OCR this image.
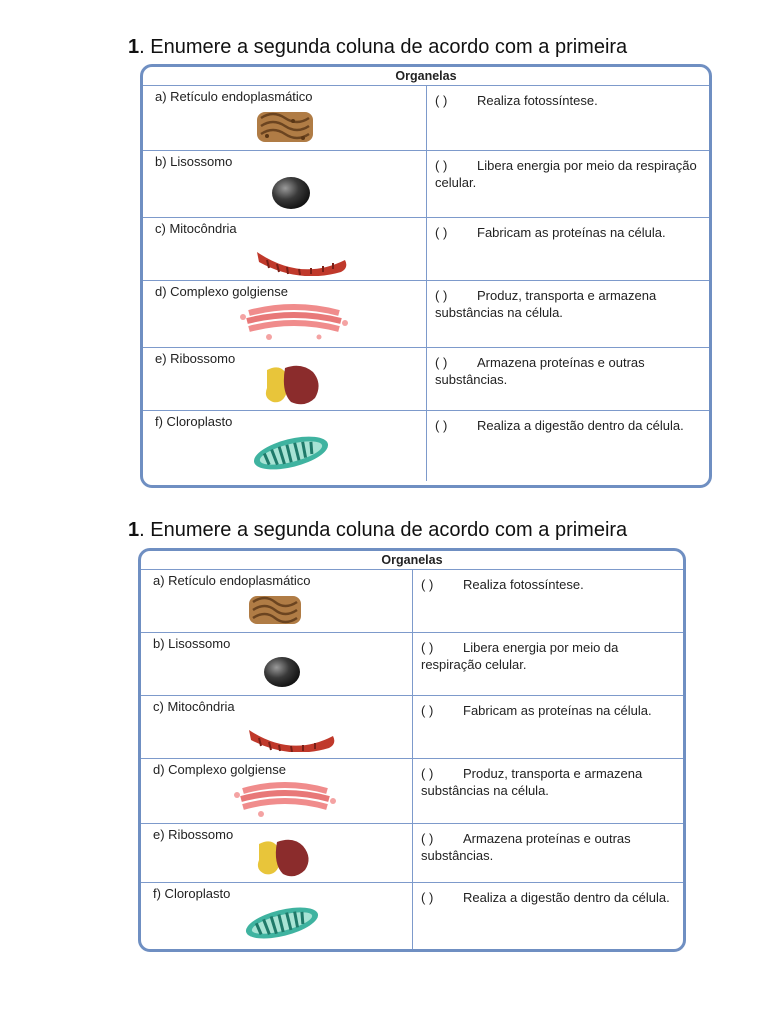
1. Enumere a segunda coluna de acordo com a primeira
Organelas
a) Retículo endoplasmático	( ) Realiza fotossíntese.
b) Lisossomo	( ) Libera energia por meio da respiração celular.
c) Mitocôndria	( ) Fabricam as proteínas na célula.
d) Complexo golgiense	( ) Produz, transporta e armazena substâncias na célula.
e) Ribossomo	( ) Armazena proteínas e outras substâncias.
f) Cloroplasto	( ) Realiza a digestão dentro da célula.
1. Enumere a segunda coluna de acordo com a primeira
Organelas
a) Retículo endoplasmático	( ) Realiza fotossíntese.
b) Lisossomo	( ) Libera energia por meio da respiração celular.
c) Mitocôndria	( ) Fabricam as proteínas na célula.
d) Complexo golgiense	( ) Produz, transporta e armazena substâncias na célula.
e) Ribossomo	( ) Armazena proteínas e outras substâncias.
f) Cloroplasto	( ) Realiza a digestão dentro da célula.
